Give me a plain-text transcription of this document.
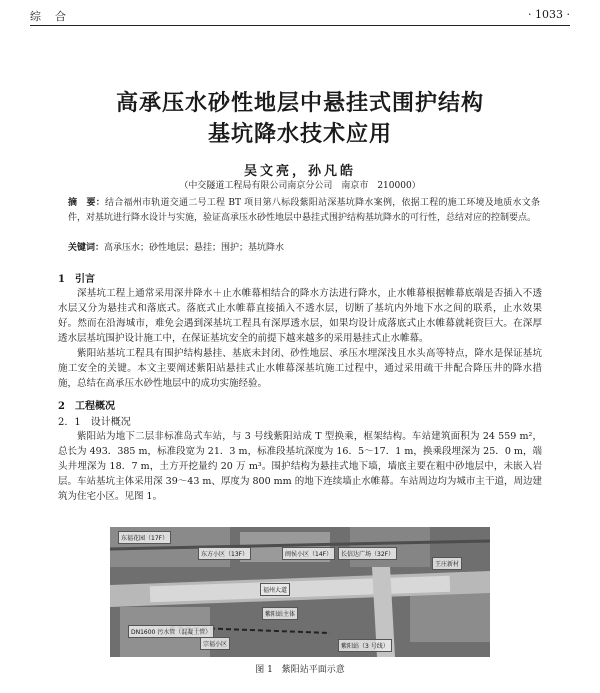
综合	· 1033 ·
高承压水砂性地层中悬挂式围护结构
基坑降水技术应用
吴文亮，孙凡皓
（中交隧道工程局有限公司南京分公司　南京市　210000）
摘　要：结合福州市轨道交通二号工程 BT 项目第八标段紫阳站深基坑降水案例，依据工程的施工环境及地质水文条件，对基坑进行降水设计与实施，验证高承压水砂性地层中悬挂式围护结构基坑降水的可行性，总结对应的控制要点。
关键词：高承压水；砂性地层；悬挂；围护；基坑降水
1　引言
深基坑工程上通常采用深井降水＋止水帷幕相结合的降水方法进行降水，止水帷幕根据帷幕底端是否插入不透水层又分为悬挂式和落底式。落底式止水帷幕直接插入不透水层，切断了基坑内外地下水之间的联系，止水效果好。然而在沿海城市，难免会遇到深基坑工程具有深厚透水层，如果均设计成落底式止水帷幕就耗资巨大。在深厚透水层基坑围护设计施工中，在保证基坑安全的前提下越来越多的采用悬挂式止水帷幕。
紫阳站基坑工程具有围护结构悬挂、基底未封闭、砂性地层、承压水埋深浅且水头高等特点，降水是保证基坑施工安全的关键。本文主要阐述紫阳站悬挂式止水帷幕深基坑施工过程中，通过采用疏干井配合降压井的降水措施，总结在高承压水砂性地层中的成功实施经验。
2　工程概况
2．1　设计概况
紫阳站为地下二层非标准岛式车站，与 3 号线紫阳站成 T 型换乘，框架结构。车站建筑面积为 24 559 m²，总长为 493．385 m，标准段宽为 21．3 m，标准段基坑深度为 16．5～17．1 m，换乘段埋深为 25．0 m，端头井埋深为 18．7 m，土方开挖量约 20 万 m³。围护结构为悬挂式地下墙，墙底主要在粗中砂地层中，未嵌入岩层。车站基坑主体采用深 39～43 m、厚度为 800 mm 的地下连续墙止水帷幕。车站周边均为城市主干道，周边建筑为住宅小区。见图 1。
东福花园（17F）
东方小区（13F）	闽侯小区（14F）	长信达广场（32F）
王庄新村
DN1600 污水管（混凝土管）
福州大道
紫阳站主体
宗福小区	紫阳站（3 号线）
图 1　紫阳站平面示意
